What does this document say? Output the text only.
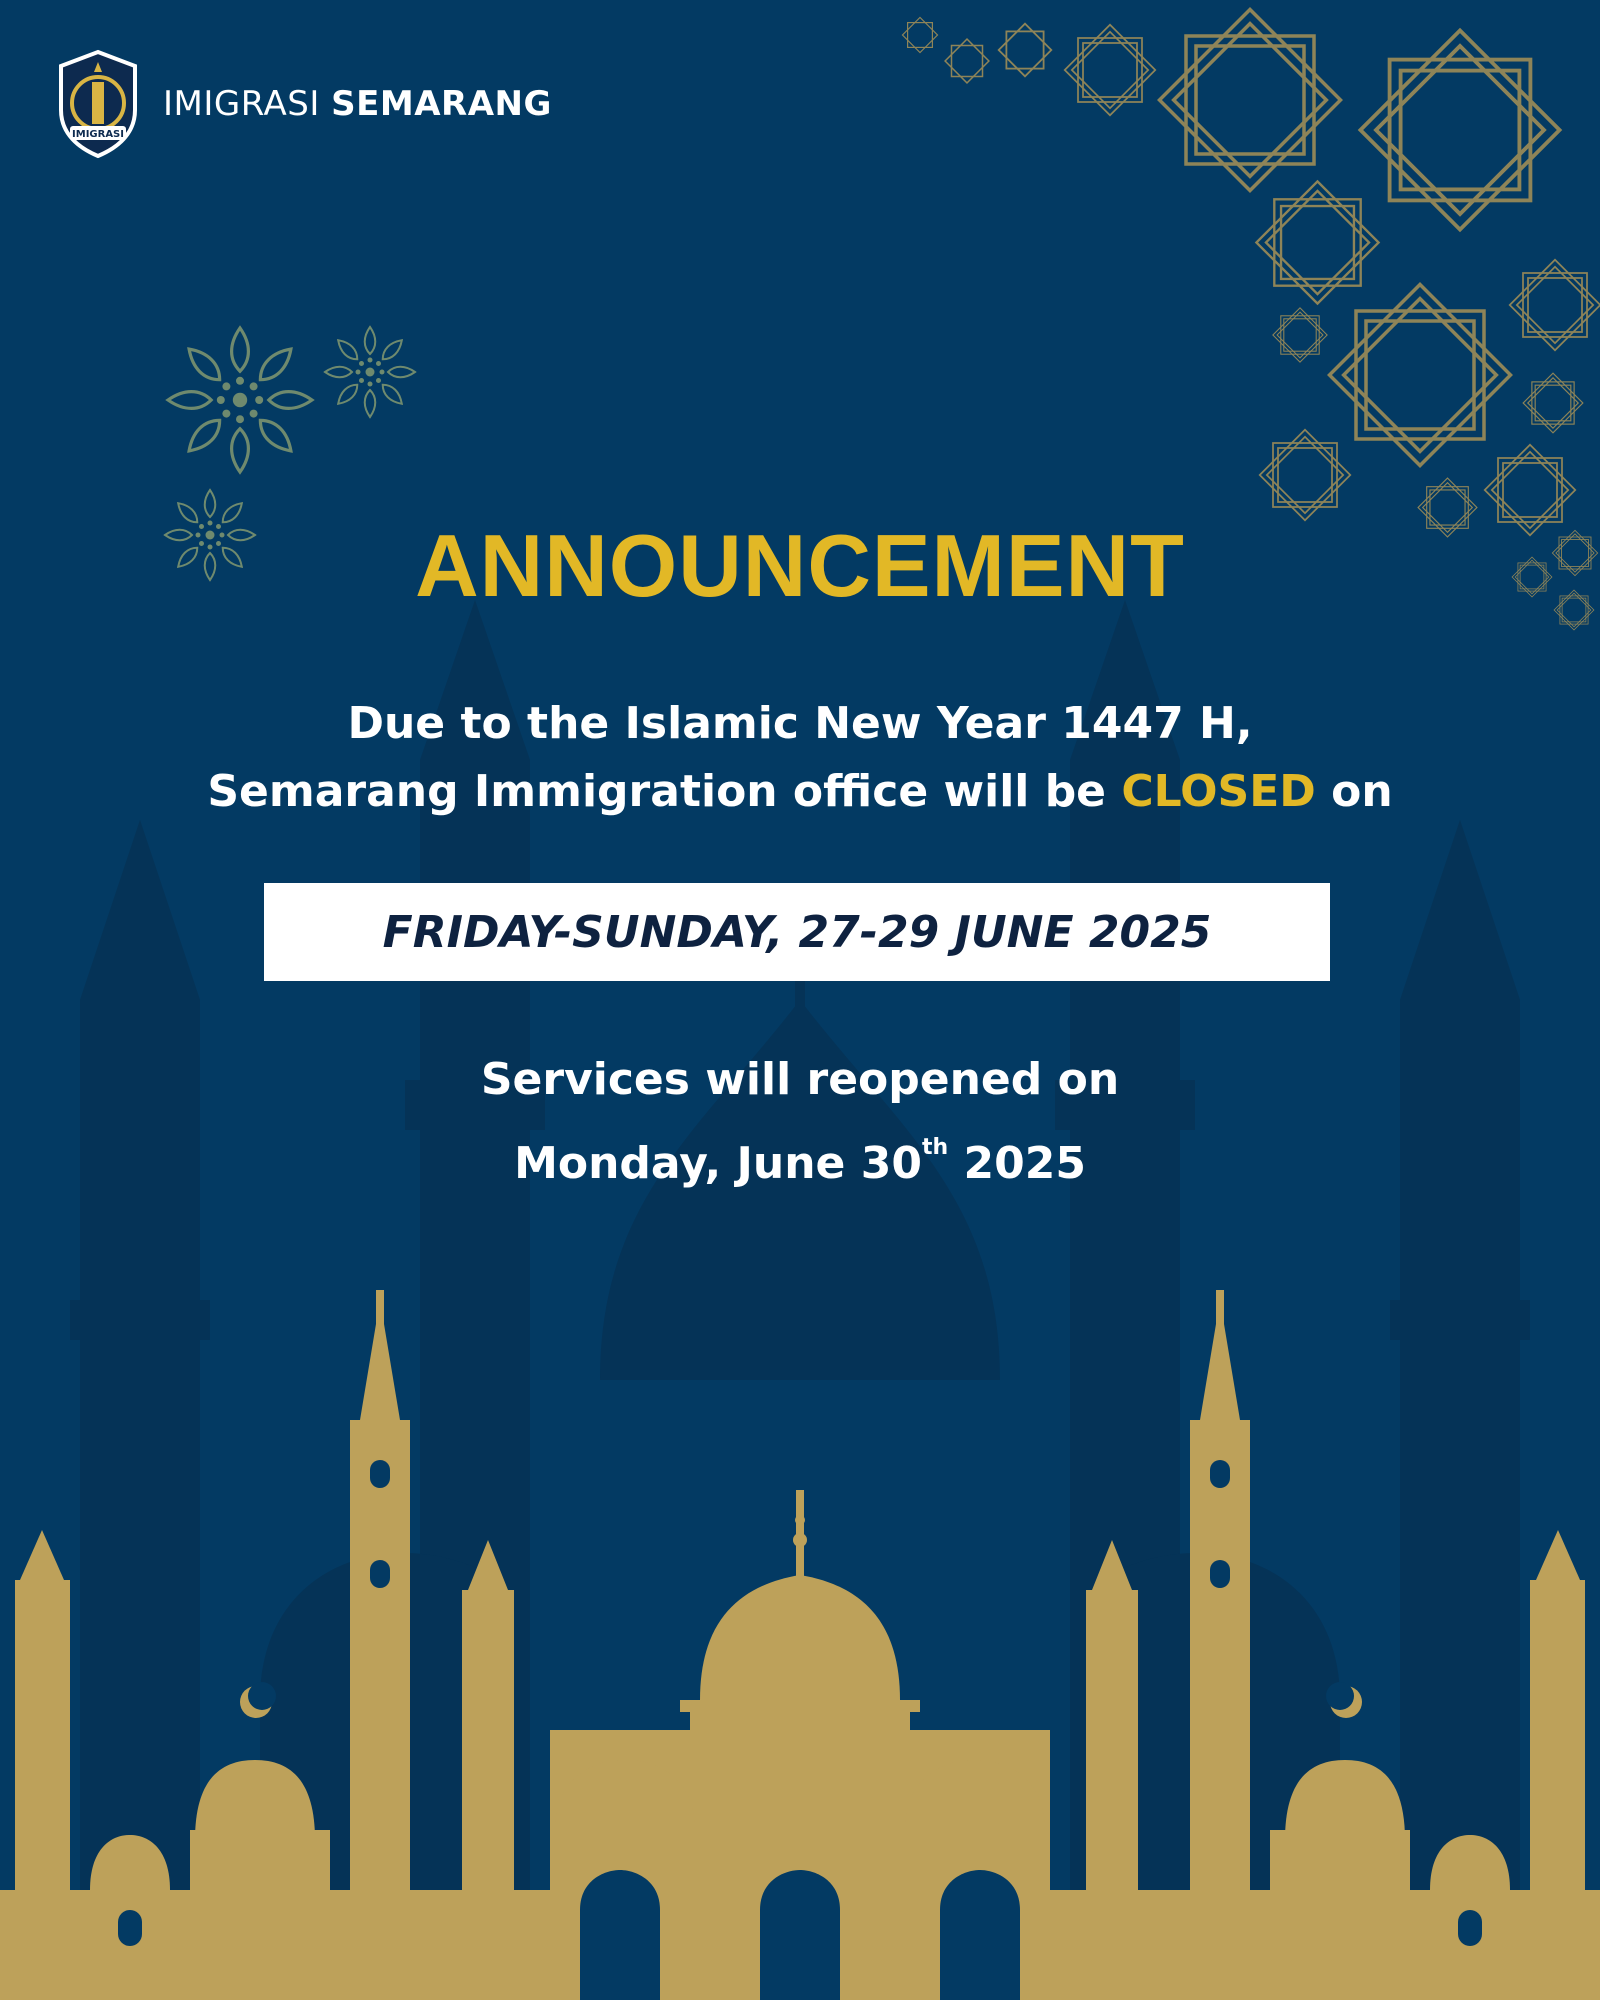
IMIGRASI
IMIGRASI SEMARANG
ANNOUNCEMENT
Due to the Islamic New Year 1447 H,
Semarang Immigration office will be CLOSED on
FRIDAY-SUNDAY, 27-29 JUNE 2025
Services will reopened on
Monday, June 30th 2025
